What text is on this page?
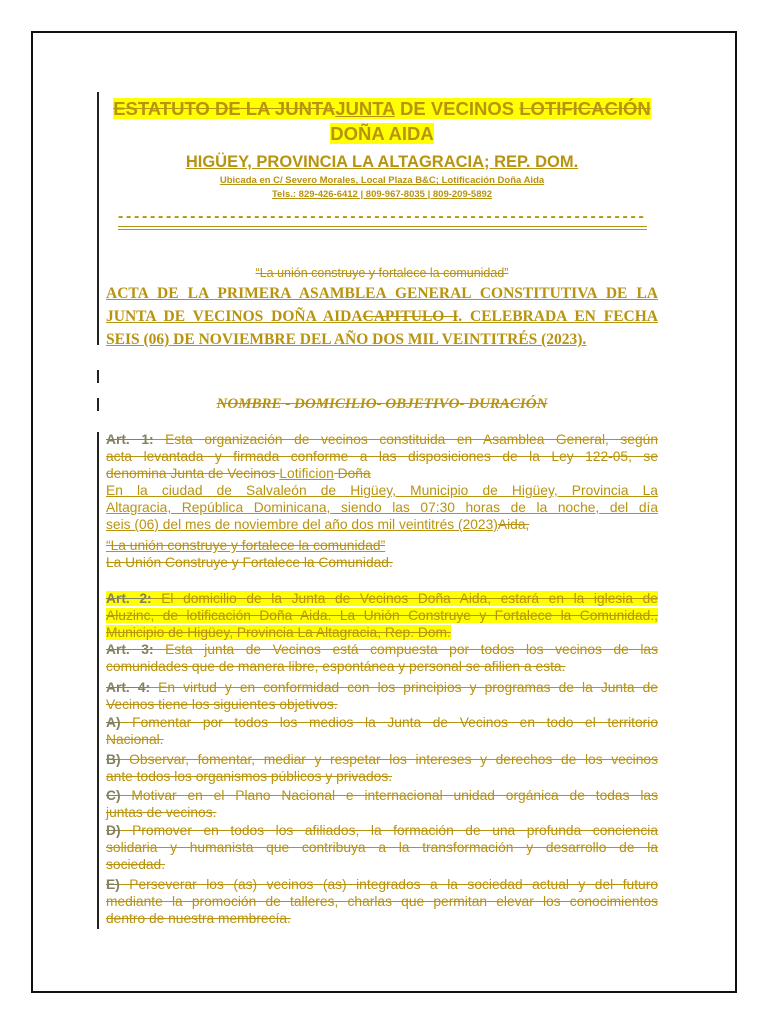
ESTATUTO DE LA JUNTAJUNTA DE VECINOS LOTIFICACIÓN
DOÑA AIDA
HIGÜEY, PROVINCIA LA ALTAGRACIA; REP. DOM.
Ubicada en C/ Severo Morales, Local Plaza B&C; Lotificación Doña Aida
Tels.: 829-426-6412 | 809-967-8035 | 809-209-5892
------------------------------------------------------------------
“La unión construye y fortalece la comunidad”
ACTA DE LA PRIMERA ASAMBLEA GENERAL CONSTITUTIVA DE LA
JUNTA DE VECINOS DOÑA AIDACAPITULO I. CELEBRADA EN FECHA
SEIS (06) DE NOVIEMBRE DEL AÑO DOS MIL VEINTITRÉS (2023).
NOMBRE - DOMICILIO- OBJETIVO- DURACIÓN
Art. 1: Esta organización de vecinos constituida en Asamblea General, según
acta levantada y firmada conforme a las disposiciones de la Ley 122-05, se
denomina Junta de Vecinos Lotificion Doña
En la ciudad de Salvaleón de Higüey, Municipio de Higüey, Provincia La
Altagracia, República Dominicana, siendo las 07:30 horas de la noche, del día
seis (06) del mes de noviembre del año dos mil veintitrés (2023)Aida,
“La unión construye y fortalece la comunidad”
La Unión Construye y Fortalece la Comunidad.
Art. 2: El domicilio de la Junta de Vecinos Doña Aida, estará en la iglesia de
Aluzinc, de lotificación Doña Aida. La Unión Construye y Fortalece la Comunidad.,
Municipio de Higüey, Provincia La Altagracia, Rep. Dom.
Art. 3: Esta junta de Vecinos está compuesta por todos los vecinos de las
comunidades que de manera libre, espontánea y personal se afilien a esta.
Art. 4: En virtud y en conformidad con los principios y programas de la Junta de
Vecinos tiene los siguientes objetivos.
A) Fomentar por todos los medios la Junta de Vecinos en todo el territorio
Nacional.
B) Observar, fomentar, mediar y respetar los intereses y derechos de los vecinos
ante todos los organismos públicos y privados.
C) Motivar en el Plano Nacional e internacional unidad orgánica de todas las
juntas de vecinos.
D) Promover en todos los afiliados, la formación de una profunda conciencia
solidaria y humanista que contribuya a la transformación y desarrollo de la
sociedad.
E) Perseverar los (as) vecinos (as) integrados a la sociedad actual y del futuro
mediante la promoción de talleres, charlas que permitan elevar los conocimientos
dentro de nuestra membrecía.
